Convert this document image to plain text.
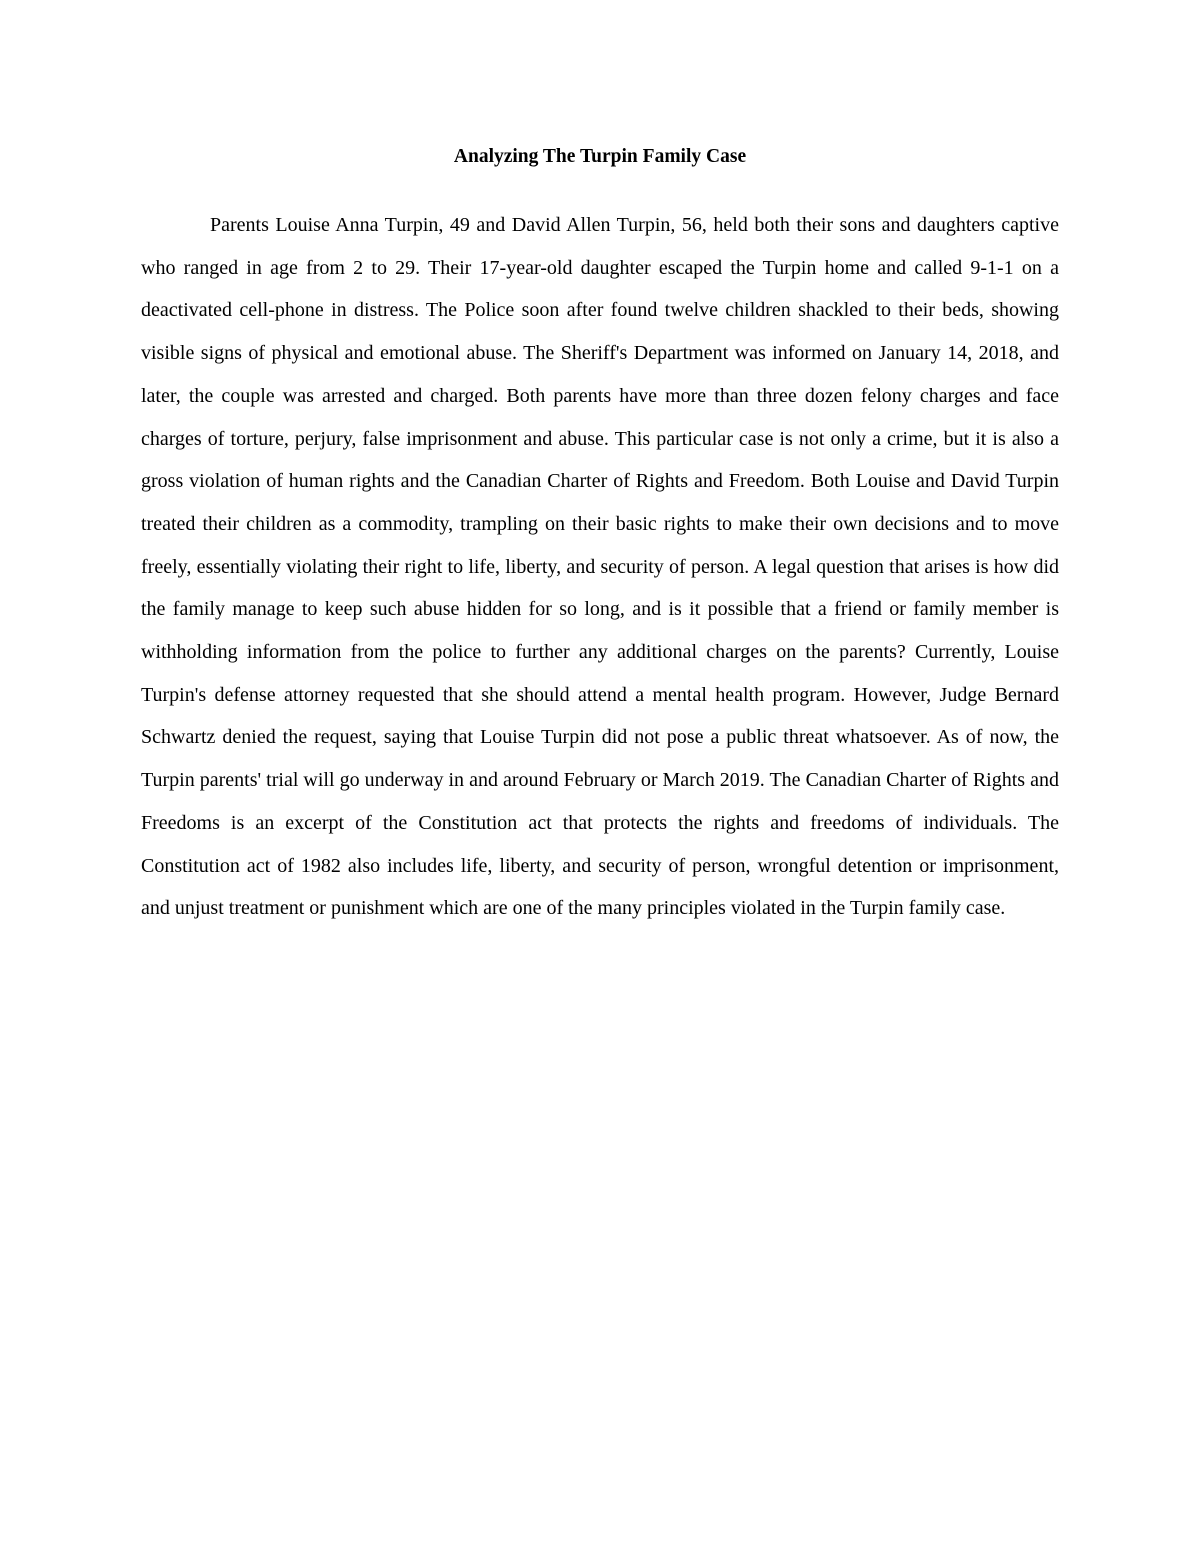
Analyzing The Turpin Family Case

Parents Louise Anna Turpin, 49 and David Allen Turpin, 56, held both their sons and daughters captive who ranged in age from 2 to 29. Their 17-year-old daughter escaped the Turpin home and called 9-1-1 on a deactivated cell-phone in distress. The Police soon after found twelve children shackled to their beds, showing visible signs of physical and emotional abuse. The Sheriff's Department was informed on January 14, 2018, and later, the couple was arrested and charged. Both parents have more than three dozen felony charges and face charges of torture, perjury, false imprisonment and abuse. This particular case is not only a crime, but it is also a gross violation of human rights and the Canadian Charter of Rights and Freedom. Both Louise and David Turpin treated their children as a commodity, trampling on their basic rights to make their own decisions and to move freely, essentially violating their right to life, liberty, and security of person. A legal question that arises is how did the family manage to keep such abuse hidden for so long, and is it possible that a friend or family member is withholding information from the police to further any additional charges on the parents? Currently, Louise Turpin's defense attorney requested that she should attend a mental health program. However, Judge Bernard Schwartz denied the request, saying that Louise Turpin did not pose a public threat whatsoever. As of now, the Turpin parents' trial will go underway in and around February or March 2019. The Canadian Charter of Rights and Freedoms is an excerpt of the Constitution act that protects the rights and freedoms of individuals. The Constitution act of 1982 also includes life, liberty, and security of person, wrongful detention or imprisonment, and unjust treatment or punishment which are one of the many principles violated in the Turpin family case.
